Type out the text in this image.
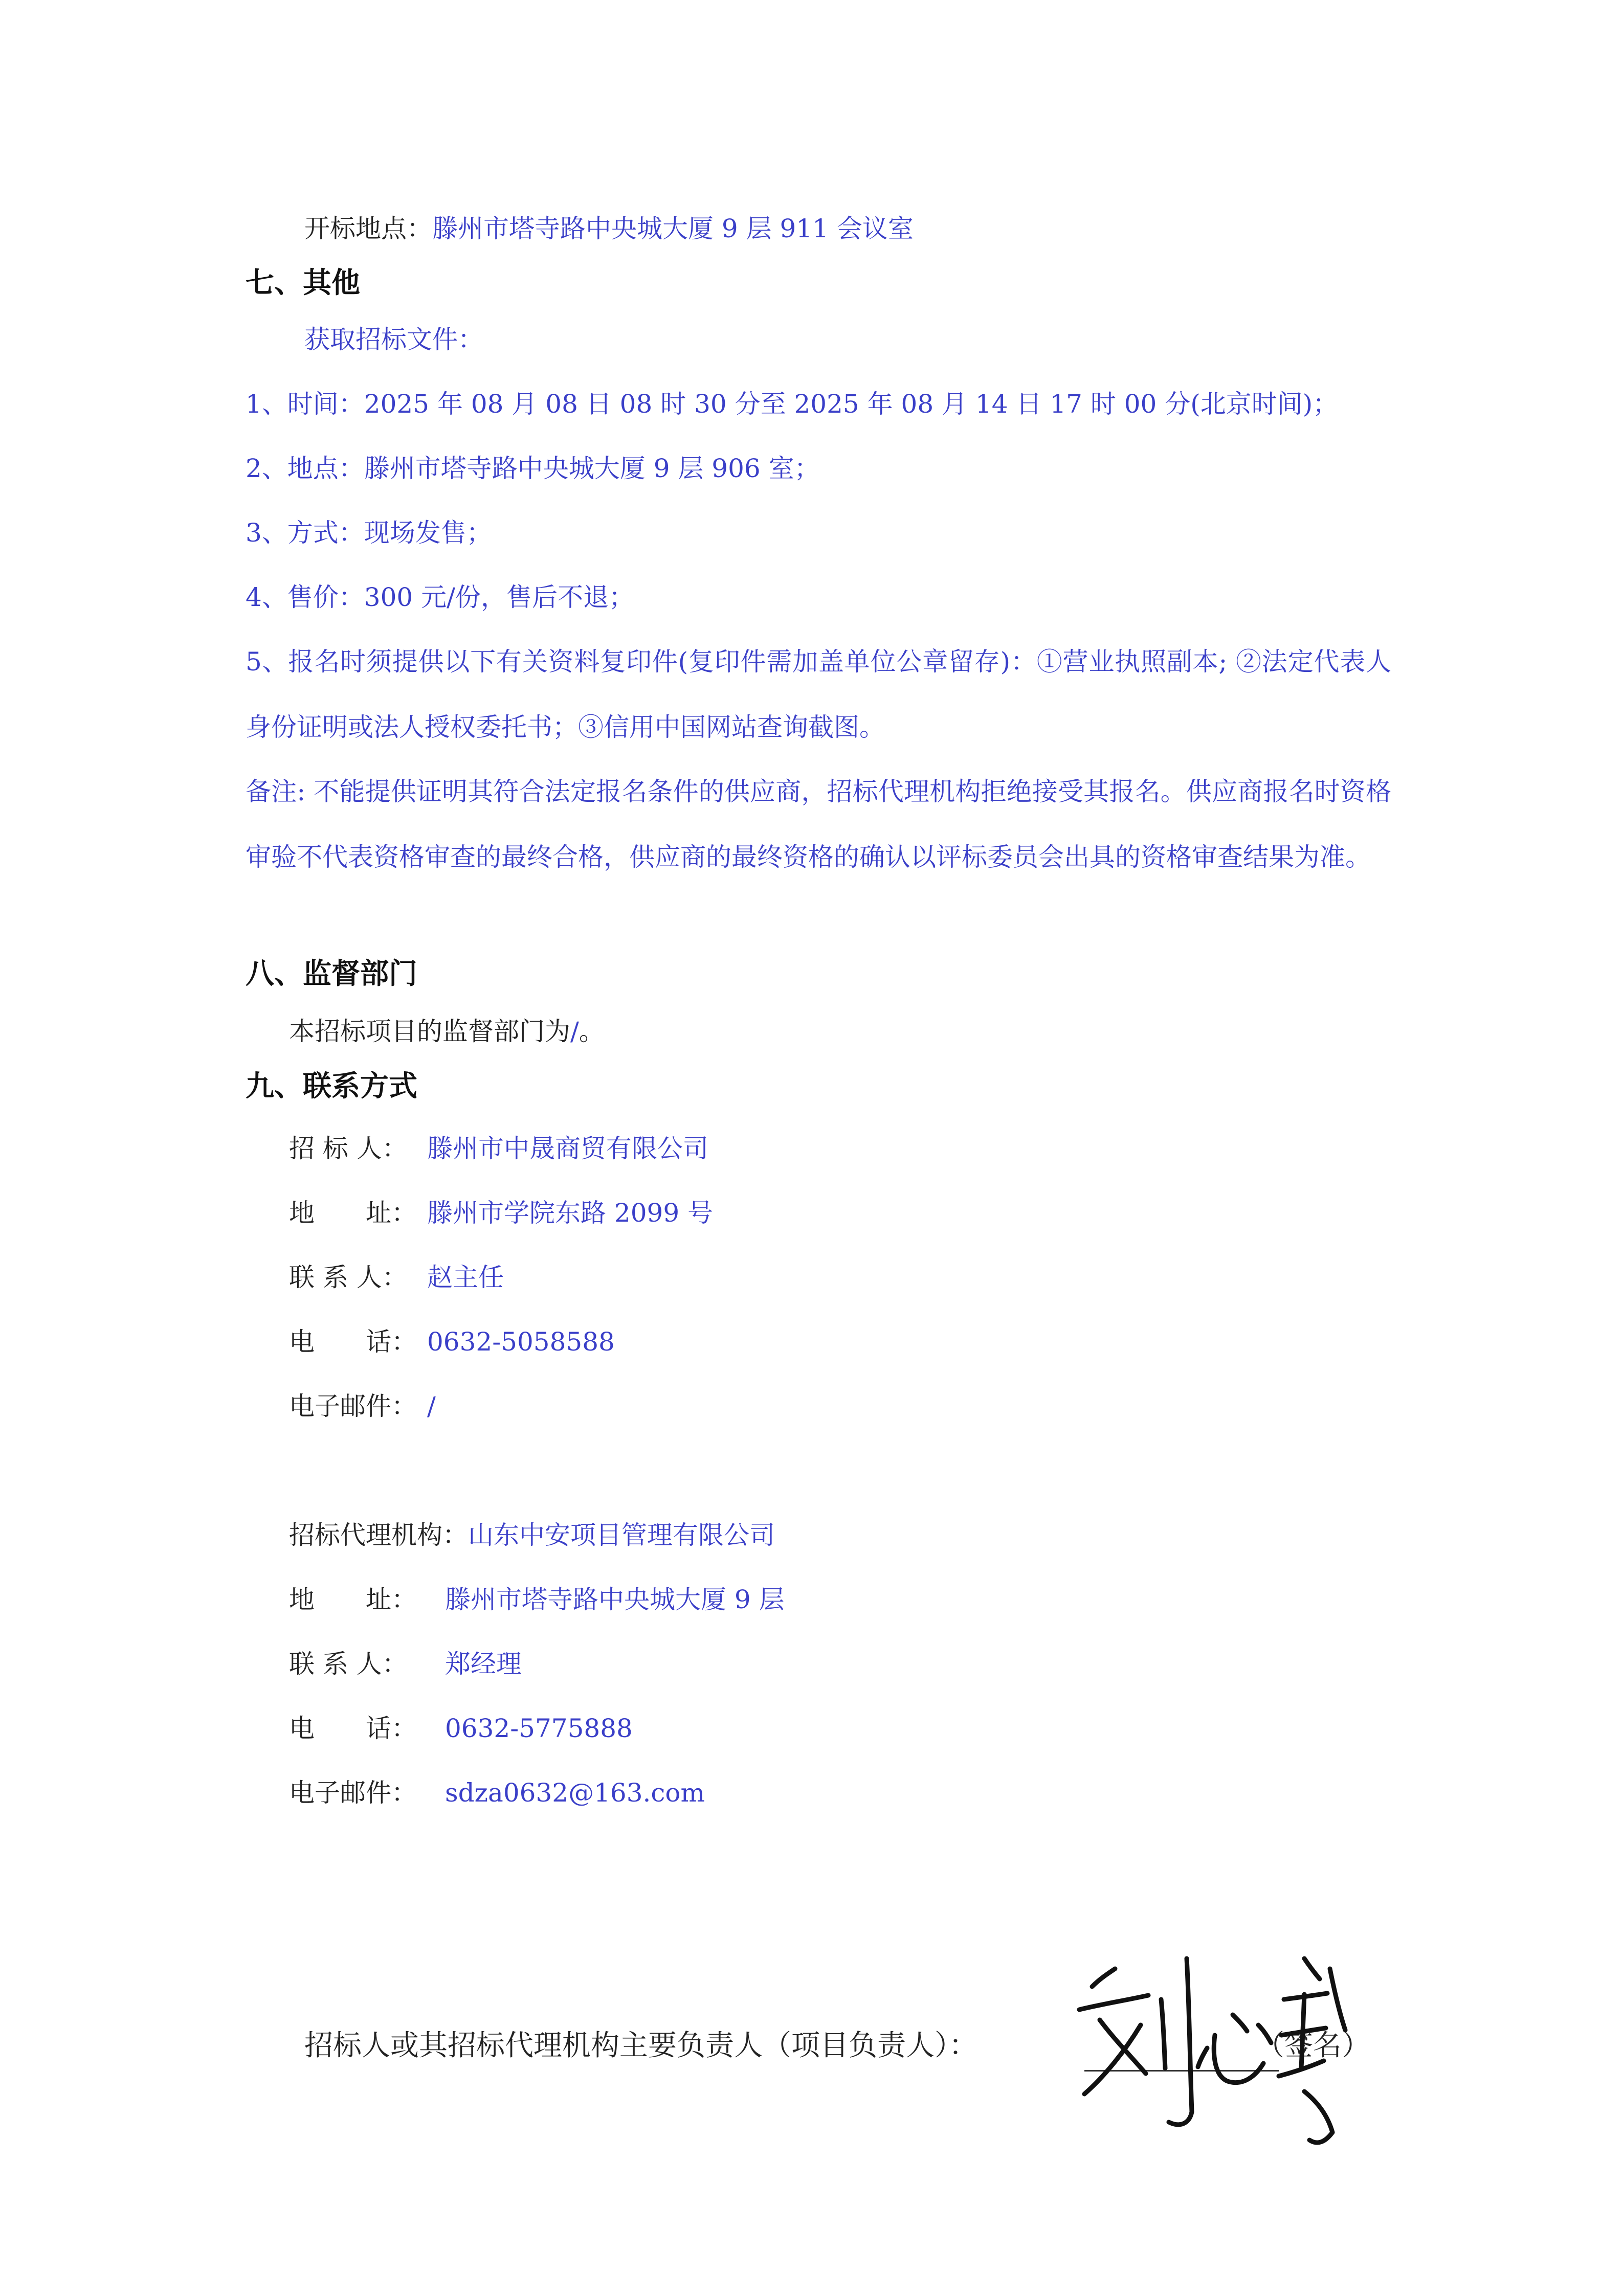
开标地点：滕州市塔寺路中央城大厦 9 层 911 会议室
七、其他
获取招标文件：
1、时间：2025 年 08 月 08 日 08 时 30 分至 2025 年 08 月 14 日 17 时 00 分(北京时间)；
2、地点：滕州市塔寺路中央城大厦 9 层 906 室；
3、方式：现场发售；
4、售价：300 元/份，售后不退；

5、报名时须提供以下有关资料复印件(复印件需加盖单位公章留存)：①营业执照副本; ②法定代表人身份证明或法人授权委托书；③信用中国网站查询截图。

备注: 不能提供证明其符合法定报名条件的供应商，招标代理机构拒绝接受其报名。供应商报名时资格审验不代表资格审查的最终合格，供应商的最终资格的确认以评标委员会出具的资格审查结果为准。

八、监督部门
本招标项目的监督部门为/。
九、联系方式
招 标 人： 滕州市中晟商贸有限公司
地　　址： 滕州市学院东路 2099 号
联 系 人： 赵主任
电　　话： 0632-5058588
电子邮件： /
招标代理机构：山东中安项目管理有限公司
地　　址： 滕州市塔寺路中央城大厦 9 层
联 系 人： 郑经理
电　　话： 0632-5775888
电子邮件： sdza0632@163.com
招标人或其招标代理机构主要负责人（项目负责人）：	（签名）
